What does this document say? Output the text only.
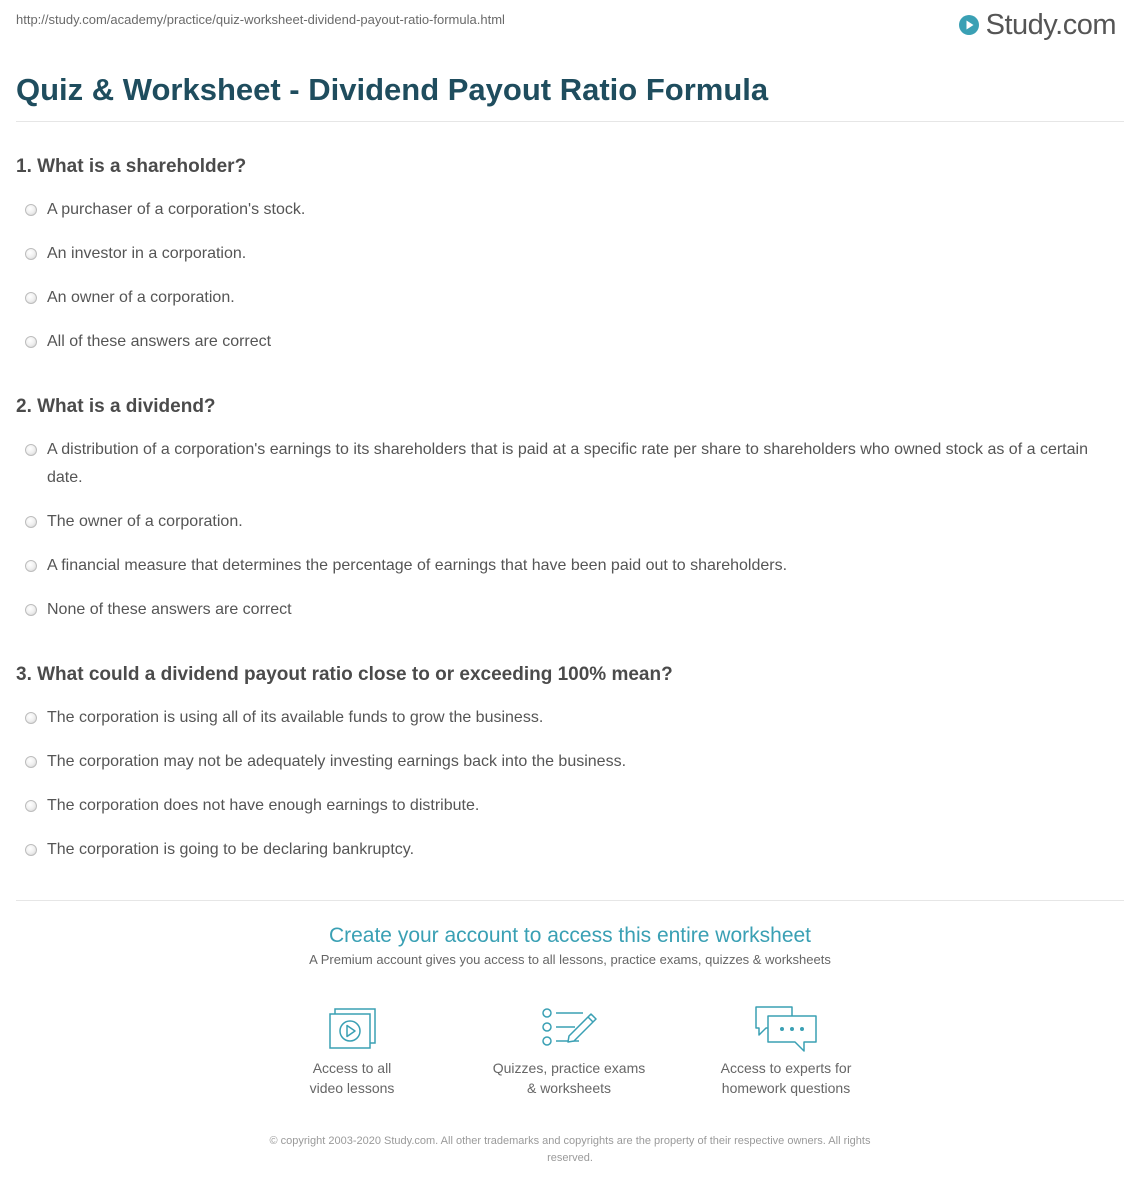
http://study.com/academy/practice/quiz-worksheet-dividend-payout-ratio-formula.html	Study.com
Quiz & Worksheet - Dividend Payout Ratio Formula
1. What is a shareholder?
A purchaser of a corporation's stock.
An investor in a corporation.
An owner of a corporation.
All of these answers are correct
2. What is a dividend?
A distribution of a corporation's earnings to its shareholders that is paid at a specific rate per share to shareholders who owned stock as of a certain date.
The owner of a corporation.
A financial measure that determines the percentage of earnings that have been paid out to shareholders.
None of these answers are correct
3. What could a dividend payout ratio close to or exceeding 100% mean?
The corporation is using all of its available funds to grow the business.
The corporation may not be adequately investing earnings back into the business.
The corporation does not have enough earnings to distribute.
The corporation is going to be declaring bankruptcy.
Create your account to access this entire worksheet
A Premium account gives you access to all lessons, practice exams, quizzes & worksheets
Access to all
video lessons
Quizzes, practice exams
& worksheets
Access to experts for
homework questions
© copyright 2003-2020 Study.com. All other trademarks and copyrights are the property of their respective owners. All rights
reserved.
